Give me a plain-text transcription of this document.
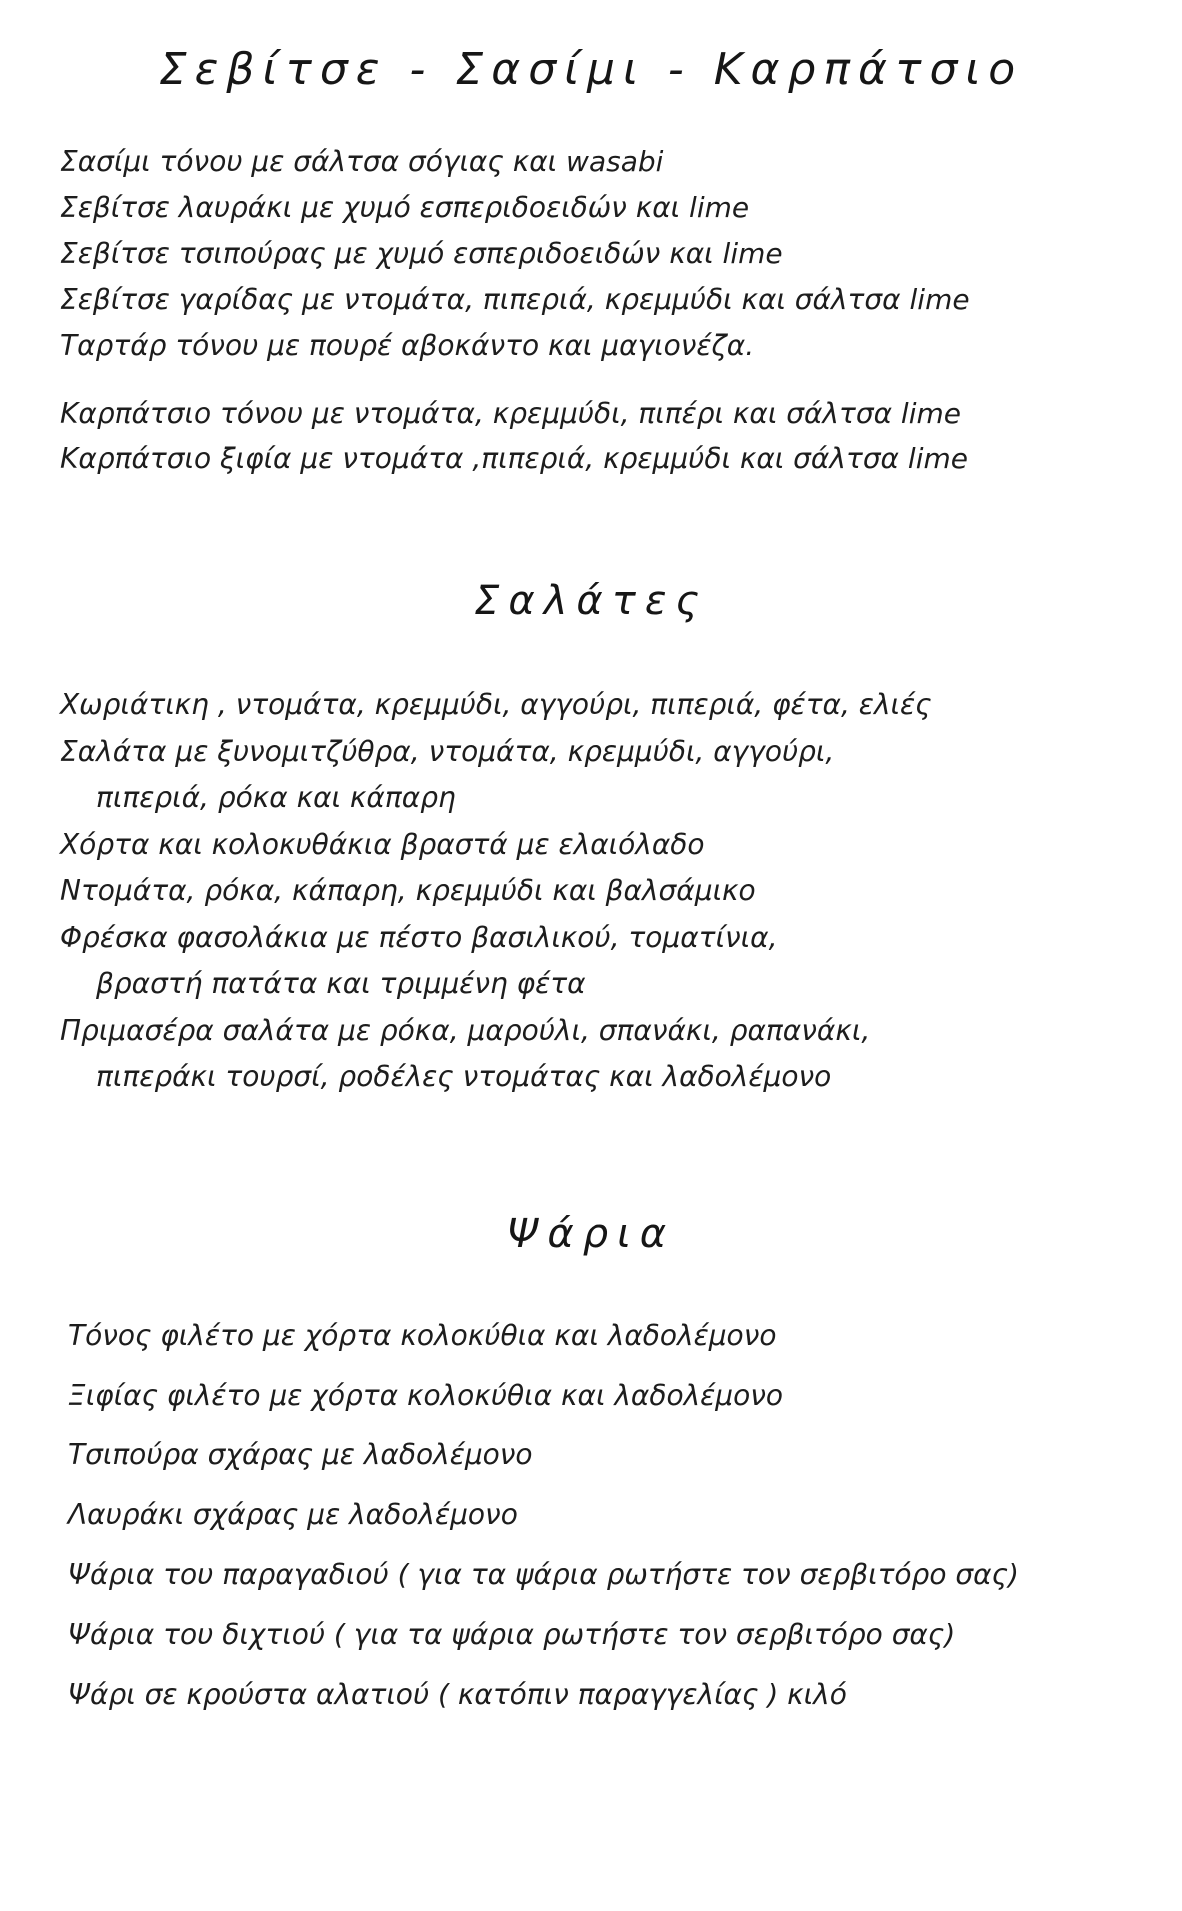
Σεβίτσε - Σασίμι - Καρπάτσιο
Σασίμι τόνου με σάλτσα σόγιας και wasabi
Σεβίτσε λαυράκι με χυμό εσπεριδοειδών και lime
Σεβίτσε τσιπούρας με χυμό εσπεριδοειδών και lime
Σεβίτσε γαρίδας με ντομάτα, πιπεριά, κρεμμύδι και σάλτσα lime
Ταρτάρ τόνου με πουρέ αβοκάντο και μαγιονέζα.
Καρπάτσιο τόνου με ντομάτα, κρεμμύδι, πιπέρι και σάλτσα lime
Καρπάτσιο ξιφία με ντομάτα ,πιπεριά, κρεμμύδι και σάλτσα lime
Σαλάτες
Χωριάτικη , ντομάτα, κρεμμύδι, αγγούρι, πιπεριά, φέτα, ελιές
Σαλάτα με ξυνομιτζύθρα, ντομάτα, κρεμμύδι, αγγούρι,
πιπεριά, ρόκα και κάπαρη
Χόρτα και κολοκυθάκια βραστά με ελαιόλαδο
Ντομάτα, ρόκα, κάπαρη, κρεμμύδι και βαλσάμικο
Φρέσκα φασολάκια με πέστο βασιλικού, τοματίνια,
βραστή πατάτα και τριμμένη φέτα
Πριμασέρα σαλάτα με ρόκα, μαρούλι, σπανάκι, ραπανάκι,
πιπεράκι τουρσί, ροδέλες ντομάτας και λαδολέμονο
Ψάρια
Τόνος φιλέτο με χόρτα κολοκύθια και λαδολέμονο
Ξιφίας φιλέτο με χόρτα κολοκύθια και λαδολέμονο
Τσιπούρα σχάρας με λαδολέμονο
Λαυράκι σχάρας με λαδολέμονο
Ψάρια του παραγαδιού ( για τα ψάρια ρωτήστε τον σερβιτόρο σας)
Ψάρια του διχτιού ( για τα ψάρια ρωτήστε τον σερβιτόρο σας)
Ψάρι σε κρούστα αλατιού ( κατόπιν παραγγελίας ) κιλό
